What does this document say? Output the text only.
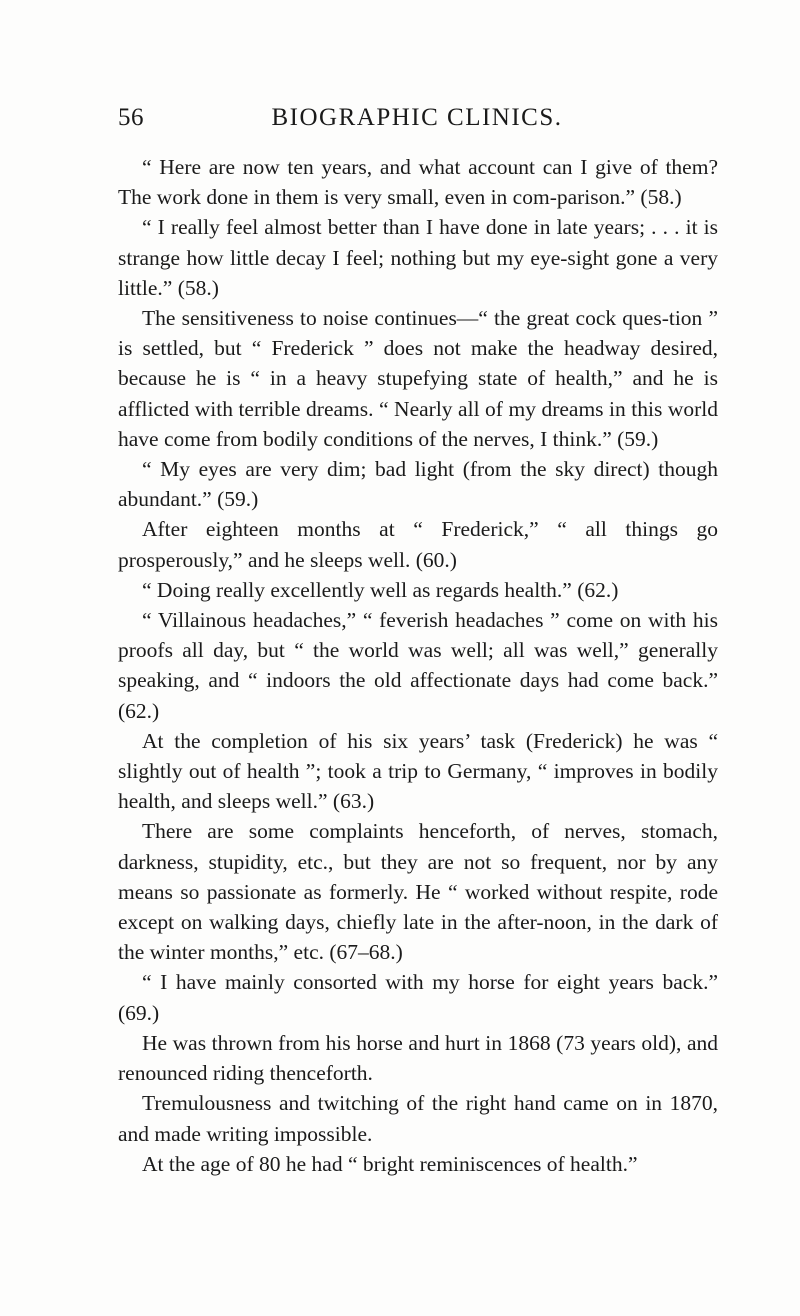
56	BIOGRAPHIC CLINICS.

“ Here are now ten years, and what account can I give of them? The work done in them is very small, even in com-parison.” (58.)

“ I really feel almost better than I have done in late years; . . . it is strange how little decay I feel; nothing but my eye-sight gone a very little.” (58.)

The sensitiveness to noise continues—“ the great cock ques-tion ” is settled, but “ Frederick ” does not make the headway desired, because he is “ in a heavy stupefying state of health,” and he is afflicted with terrible dreams. “ Nearly all of my dreams in this world have come from bodily conditions of the nerves, I think.” (59.)

“ My eyes are very dim; bad light (from the sky direct) though abundant.” (59.)

After eighteen months at “ Frederick,” “ all things go prosperously,” and he sleeps well. (60.)

“ Doing really excellently well as regards health.” (62.)

“ Villainous headaches,” “ feverish headaches ” come on with his proofs all day, but “ the world was well; all was well,” generally speaking, and “ indoors the old affectionate days had come back.” (62.)

At the completion of his six years’ task (Frederick) he was “ slightly out of health ”; took a trip to Germany, “ improves in bodily health, and sleeps well.” (63.)

There are some complaints henceforth, of nerves, stomach, darkness, stupidity, etc., but they are not so frequent, nor by any means so passionate as formerly. He “ worked without respite, rode except on walking days, chiefly late in the after-noon, in the dark of the winter months,” etc. (67–68.)

“ I have mainly consorted with my horse for eight years back.” (69.)

He was thrown from his horse and hurt in 1868 (73 years old), and renounced riding thenceforth.

Tremulousness and twitching of the right hand came on in 1870, and made writing impossible.

At the age of 80 he had “ bright reminiscences of health.”
